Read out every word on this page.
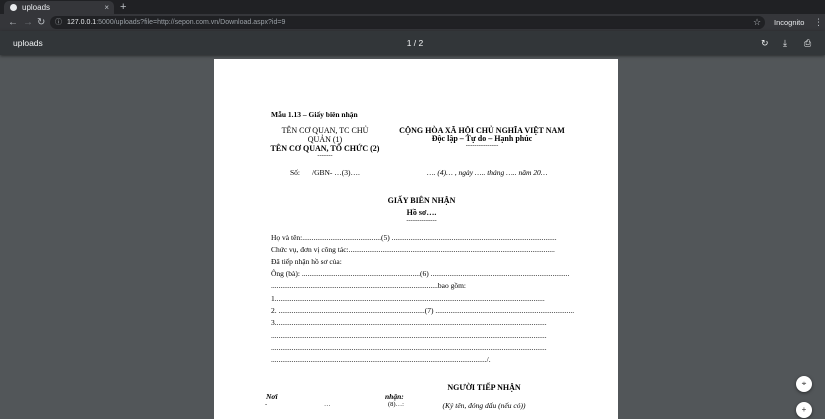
uploads	× +
← → ↻ ⓘ 127.0.0.1:5000/uploads?file=http://sepon.com.vn/Download.aspx?id=9	☆ Incognito ⋮
uploads	1 / 2	↻ ⤓ ⎙
Mẫu 1.13 – Giấy biên nhận
TÊN CƠ QUAN, TC CHỦ
QUẢN (1)
TÊN CƠ QUAN, TỔ CHỨC (2)
-------
CỘNG HÒA XÃ HỘI CHỦ NGHĨA VIỆT NAM
Độc lập – Tự do – Hạnh phúc
---------------
Số: /GBN- …(3)….	…. (4)… , ngày ….. tháng ….. năm 20…
GIẤY BIÊN NHẬN
Hồ sơ….
--------------
Họ và tên:..........................................(5) ........................................................................................
Chức vụ, đơn vị công tác:..............................................................................................................
Đã tiếp nhận hồ sơ của:
Ông (bà): ...............................................................(6) ..........................................................................
.........................................................................................bao gồm:
1................................................................................................................................................
2. ..............................................................................(7) ..........................................................................
3.................................................................................................................................................
...................................................................................................................................................
...................................................................................................................................................
.................................................................................................................../.
NGƯỜI TIẾP NHẬN
(Ký tên, đóng dấu (nếu có))
Nơi	nhận:
-	…	(8)…:
⌖
+
